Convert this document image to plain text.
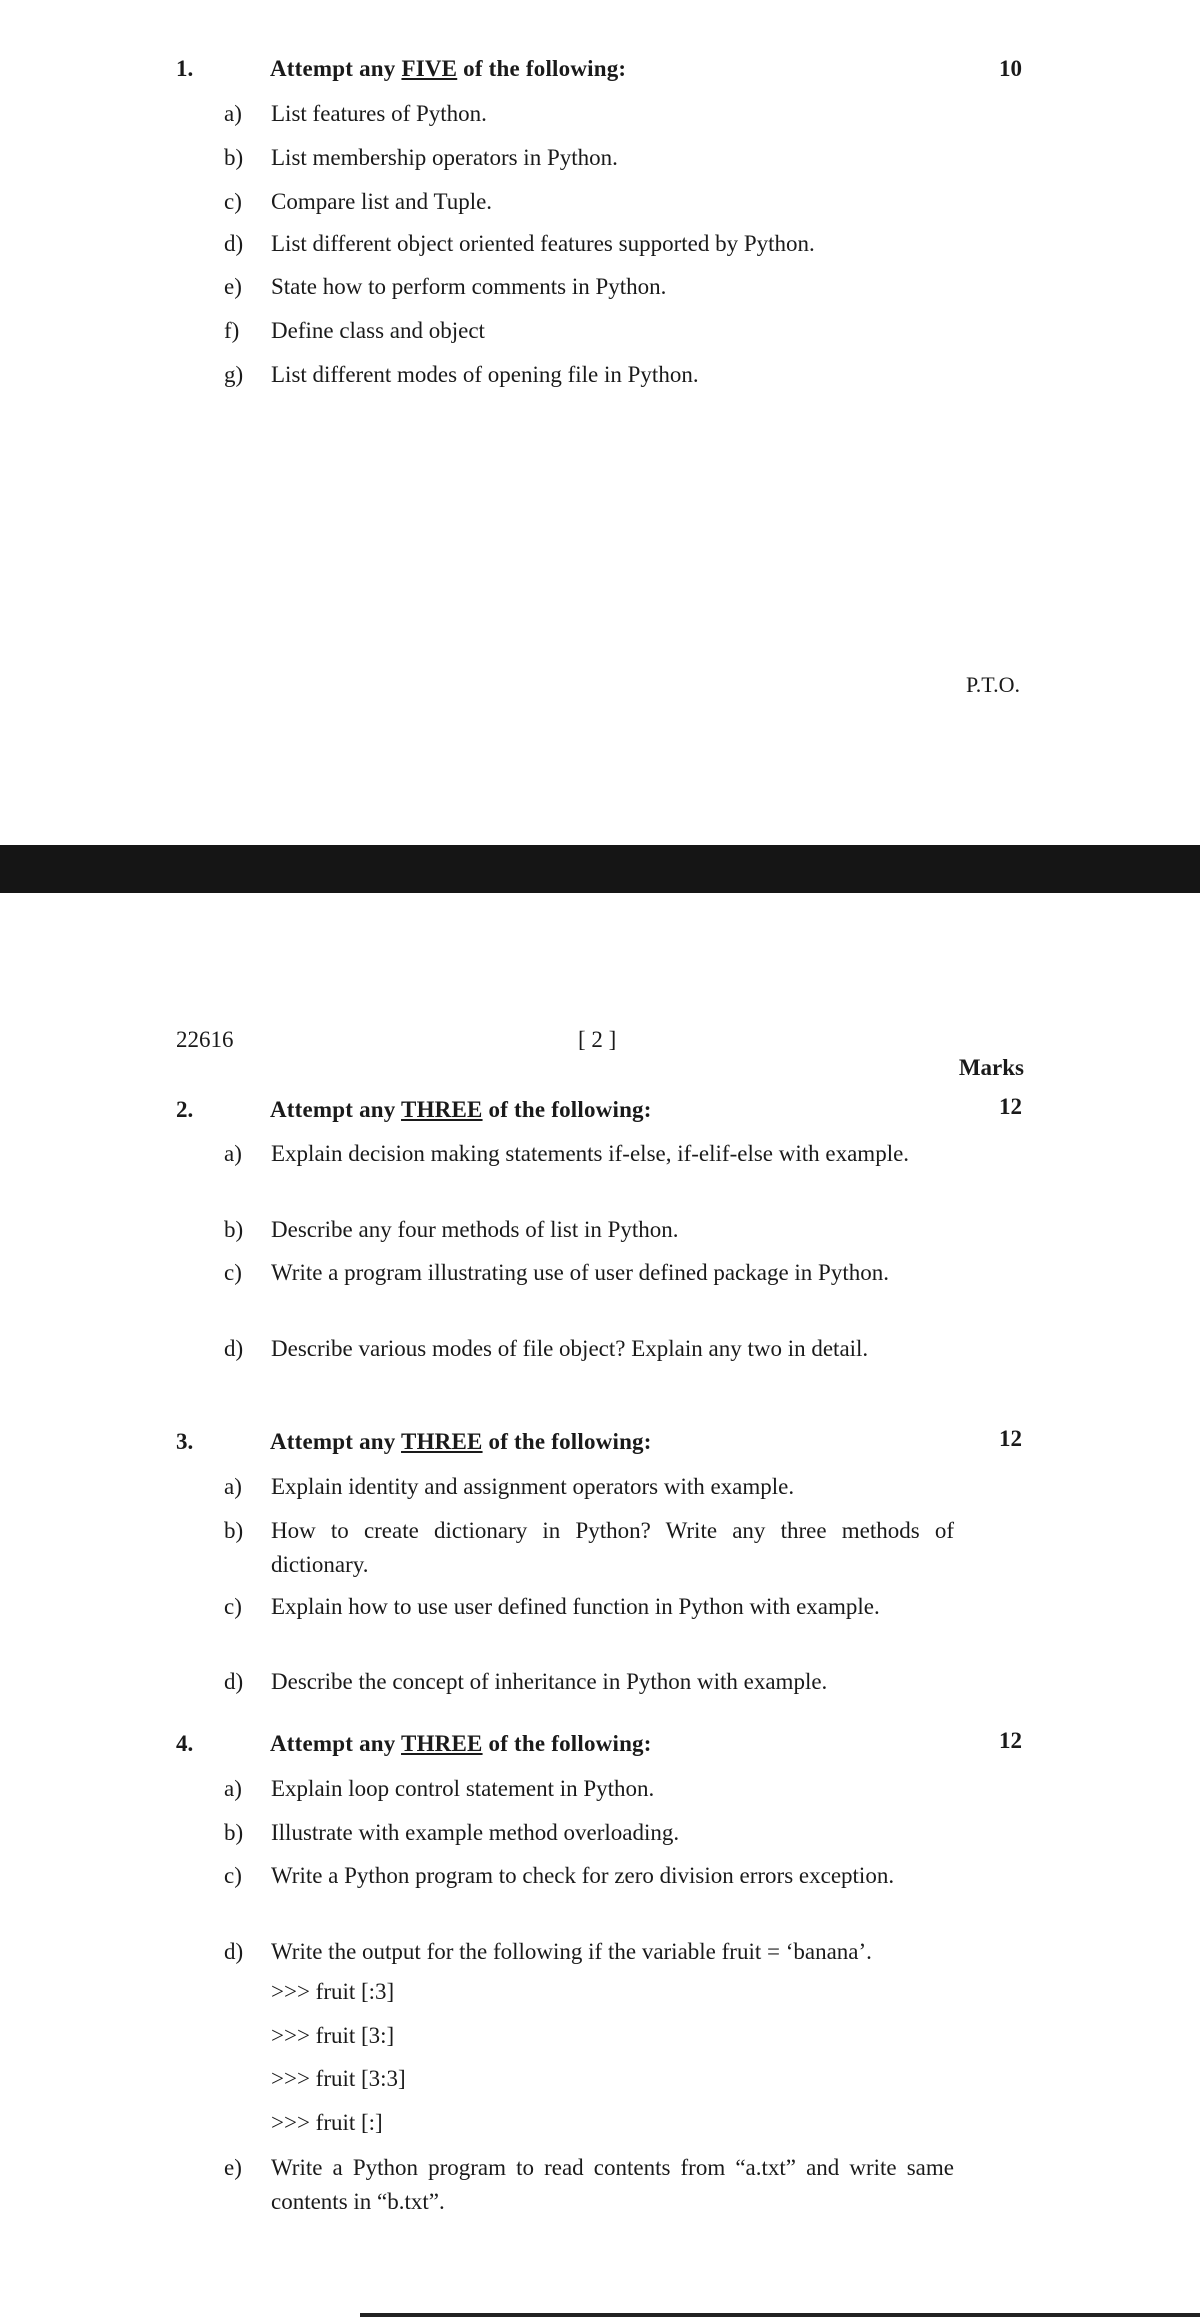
1.	Attempt any FIVE of the following:	10
a) List features of Python.
b) List membership operators in Python.
c) Compare list and Tuple.
d) List different object oriented features supported by Python.
e) State how to perform comments in Python.
f) Define class and object
g) List different modes of opening file in Python.
P.T.O.
22616	[ 2 ]
Marks
2.	Attempt any THREE of the following:	12
a) Explain decision making statements if-else, if-elif-else with example.
b) Describe any four methods of list in Python.
c) Write a program illustrating use of user defined package in Python.
d) Describe various modes of file object? Explain any two in detail.
3.	Attempt any THREE of the following:	12
a) Explain identity and assignment operators with example.
b) How to create dictionary in Python? Write any three methods of dictionary.
c) Explain how to use user defined function in Python with example.
d) Describe the concept of inheritance in Python with example.
4.	Attempt any THREE of the following:	12
a) Explain loop control statement in Python.
b) Illustrate with example method overloading.
c) Write a Python program to check for zero division errors exception.
d) Write the output for the following if the variable fruit = ‘banana’.
>>> fruit [:3]
>>> fruit [3:]
>>> fruit [3:3]
>>> fruit [:]
e) Write a Python program to read contents from “a.txt” and write same contents in “b.txt”.
